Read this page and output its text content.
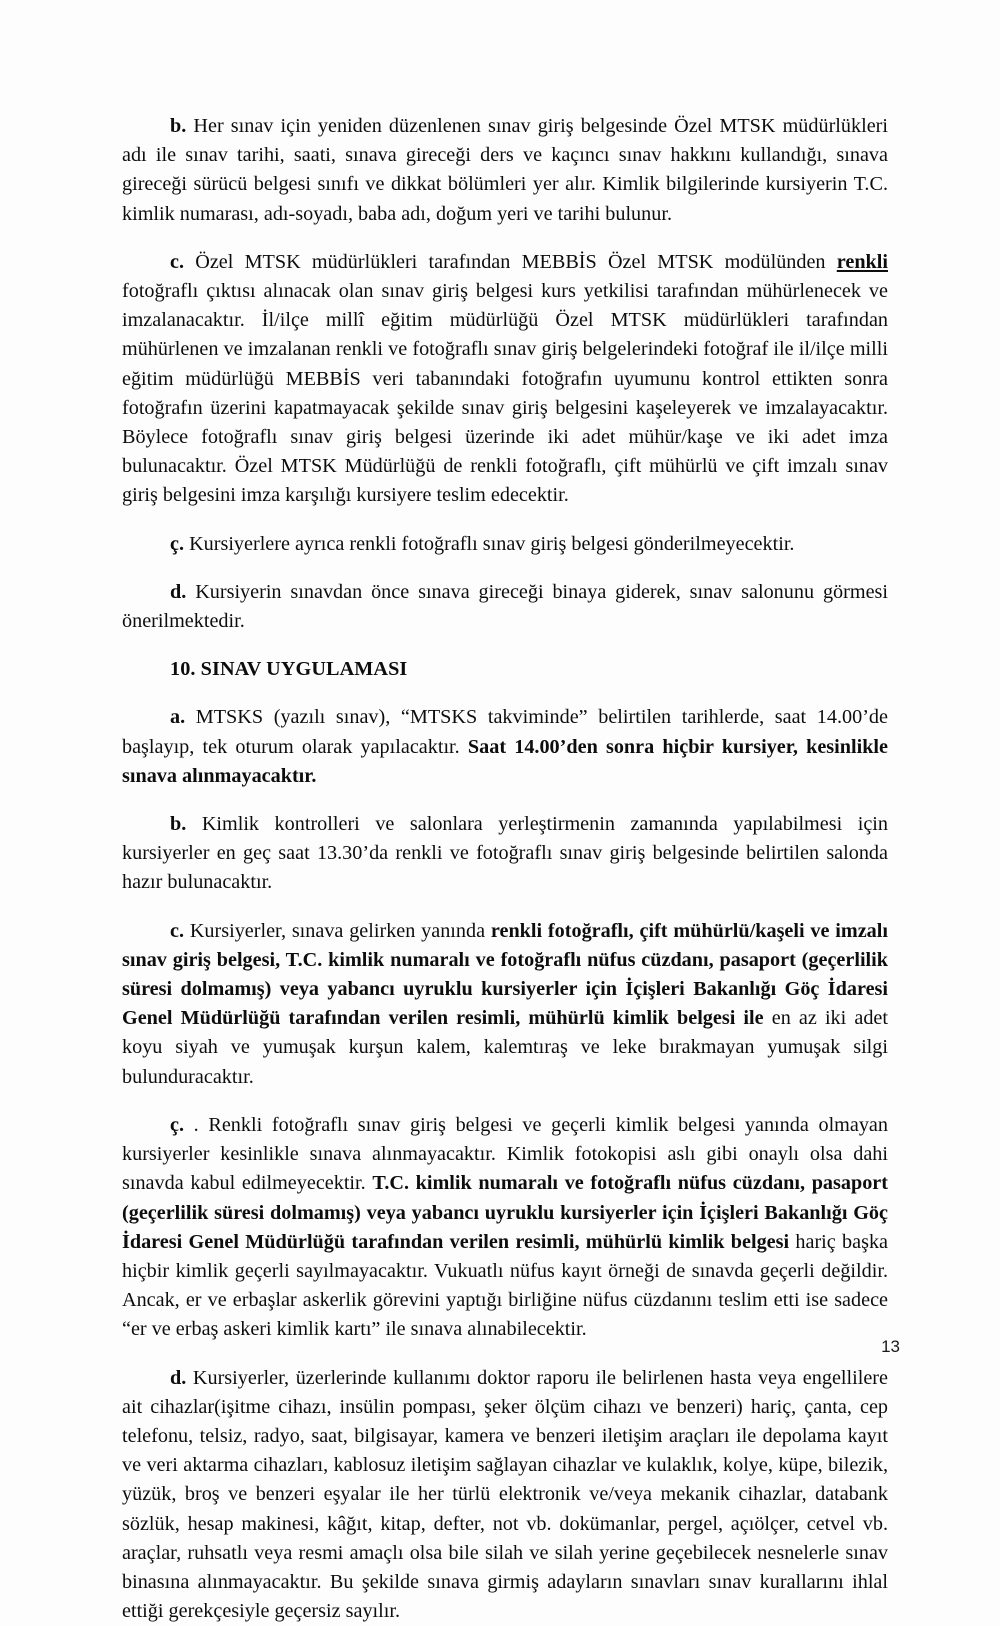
b. Her sınav için yeniden düzenlenen sınav giriş belgesinde Özel MTSK müdürlükleri adı ile sınav tarihi, saati, sınava gireceği ders ve kaçıncı sınav hakkını kullandığı, sınava gireceği sürücü belgesi sınıfı ve dikkat bölümleri yer alır. Kimlik bilgilerinde kursiyerin T.C. kimlik numarası, adı-soyadı, baba adı, doğum yeri ve tarihi bulunur.

c. Özel MTSK müdürlükleri tarafından MEBBİS Özel MTSK modülünden renkli fotoğraflı çıktısı alınacak olan sınav giriş belgesi kurs yetkilisi tarafından mühürlenecek ve imzalanacaktır. İl/ilçe millî eğitim müdürlüğü Özel MTSK müdürlükleri tarafından mühürlenen ve imzalanan renkli ve fotoğraflı sınav giriş belgelerindeki fotoğraf ile il/ilçe milli eğitim müdürlüğü MEBBİS veri tabanındaki fotoğrafın uyumunu kontrol ettikten sonra fotoğrafın üzerini kapatmayacak şekilde sınav giriş belgesini kaşeleyerek ve imzalayacaktır. Böylece fotoğraflı sınav giriş belgesi üzerinde iki adet mühür/kaşe ve iki adet imza bulunacaktır. Özel MTSK Müdürlüğü de renkli fotoğraflı, çift mühürlü ve çift imzalı sınav giriş belgesini imza karşılığı kursiyere teslim edecektir.

ç. Kursiyerlere ayrıca renkli fotoğraflı sınav giriş belgesi gönderilmeyecektir.

d. Kursiyerin sınavdan önce sınava gireceği binaya giderek, sınav salonunu görmesi önerilmektedir.

10. SINAV UYGULAMASI

a. MTSKS (yazılı sınav), “MTSKS takviminde” belirtilen tarihlerde, saat 14.00’de başlayıp, tek oturum olarak yapılacaktır. Saat 14.00’den sonra hiçbir kursiyer, kesinlikle sınava alınmayacaktır.

b. Kimlik kontrolleri ve salonlara yerleştirmenin zamanında yapılabilmesi için kursiyerler en geç saat 13.30’da renkli ve fotoğraflı sınav giriş belgesinde belirtilen salonda hazır bulunacaktır.

c. Kursiyerler, sınava gelirken yanında renkli fotoğraflı, çift mühürlü/kaşeli ve imzalı sınav giriş belgesi, T.C. kimlik numaralı ve fotoğraflı nüfus cüzdanı, pasaport (geçerlilik süresi dolmamış) veya yabancı uyruklu kursiyerler için İçişleri Bakanlığı Göç İdaresi Genel Müdürlüğü tarafından verilen resimli, mühürlü kimlik belgesi ile en az iki adet koyu siyah ve yumuşak kurşun kalem, kalemtıraş ve leke bırakmayan yumuşak silgi bulunduracaktır.

ç. . Renkli fotoğraflı sınav giriş belgesi ve geçerli kimlik belgesi yanında olmayan kursiyerler kesinlikle sınava alınmayacaktır. Kimlik fotokopisi aslı gibi onaylı olsa dahi sınavda kabul edilmeyecektir. T.C. kimlik numaralı ve fotoğraflı nüfus cüzdanı, pasaport (geçerlilik süresi dolmamış) veya yabancı uyruklu kursiyerler için İçişleri Bakanlığı Göç İdaresi Genel Müdürlüğü tarafından verilen resimli, mühürlü kimlik belgesi hariç başka hiçbir kimlik geçerli sayılmayacaktır. Vukuatlı nüfus kayıt örneği de sınavda geçerli değildir. Ancak, er ve erbaşlar askerlik görevini yaptığı birliğine nüfus cüzdanını teslim etti ise sadece “er ve erbaş askeri kimlik kartı” ile sınava alınabilecektir.

d. Kursiyerler, üzerlerinde kullanımı doktor raporu ile belirlenen hasta veya engellilere ait cihazlar(işitme cihazı, insülin pompası, şeker ölçüm cihazı ve benzeri) hariç, çanta, cep telefonu, telsiz, radyo, saat, bilgisayar, kamera ve benzeri iletişim araçları ile depolama kayıt ve veri aktarma cihazları, kablosuz iletişim sağlayan cihazlar ve kulaklık, kolye, küpe, bilezik, yüzük, broş ve benzeri eşyalar ile her türlü elektronik ve/veya mekanik cihazlar, databank sözlük, hesap makinesi, kâğıt, kitap, defter, not vb. dokümanlar, pergel, açıölçer, cetvel vb. araçlar, ruhsatlı veya resmi amaçlı olsa bile silah ve silah yerine geçebilecek nesnelerle sınav binasına alınmayacaktır. Bu şekilde sınava girmiş adayların sınavları sınav kurallarını ihlal ettiği gerekçesiyle geçersiz sayılır.

13
